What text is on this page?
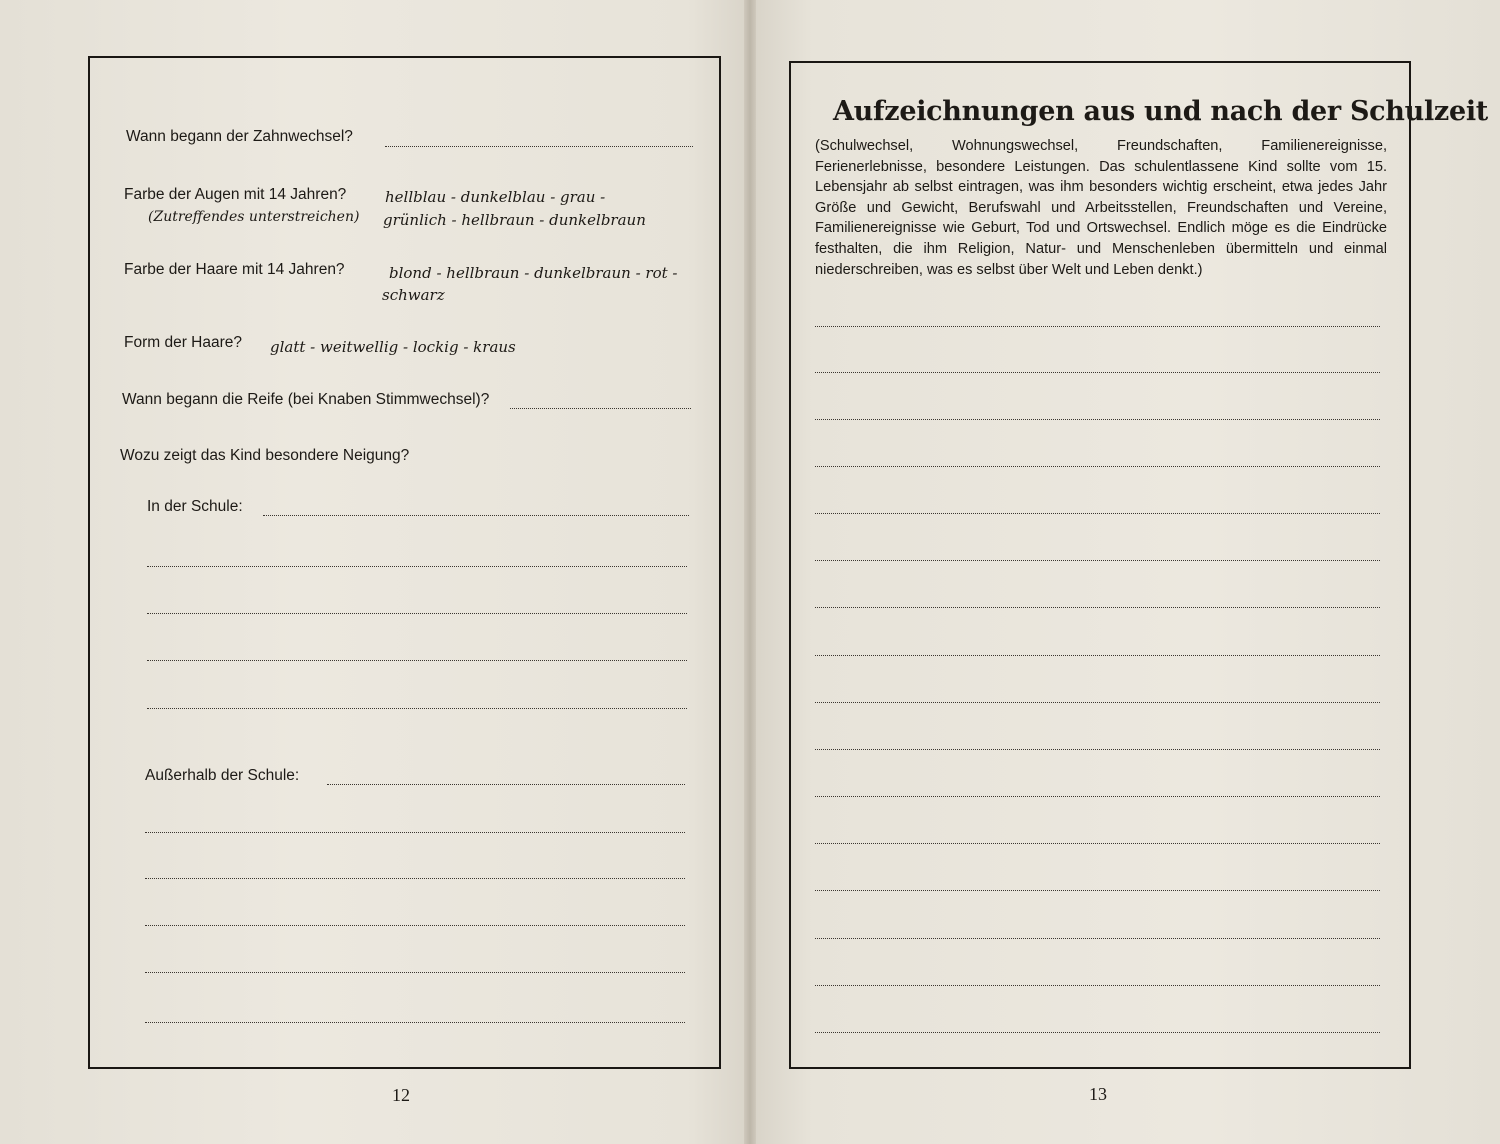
Wann begann der Zahnwechsel?
Farbe der Augen mit 14 Jahren?
(Zutreffendes unterstreichen)
hellblau - dunkelblau - grau -
grünlich - hellbraun - dunkelbraun
Farbe der Haare mit 14 Jahren?	blond - hellbraun - dunkelbraun - rot -
schwarz
Form der Haare? glatt - weitwellig - lockig - kraus
Wann begann die Reife (bei Knaben Stimmwechsel)?
Wozu zeigt das Kind besondere Neigung?
In der Schule:
Außerhalb der Schule:
12
Aufzeichnungen aus und nach der Schulzeit
(Schulwechsel, Wohnungswechsel, Freundschaften, Familienereignisse, Ferienerlebnisse, besondere Leistungen. Das schulentlassene Kind sollte vom 15. Lebensjahr ab selbst eintragen, was ihm besonders wichtig erscheint, etwa jedes Jahr Größe und Gewicht, Berufswahl und Arbeitsstellen, Freundschaften und Vereine, Familienereignisse wie Geburt, Tod und Ortswechsel. Endlich möge es die Eindrücke festhalten, die ihm Religion, Natur- und Menschenleben übermitteln und einmal niederschreiben, was es selbst über Welt und Leben denkt.)
13
